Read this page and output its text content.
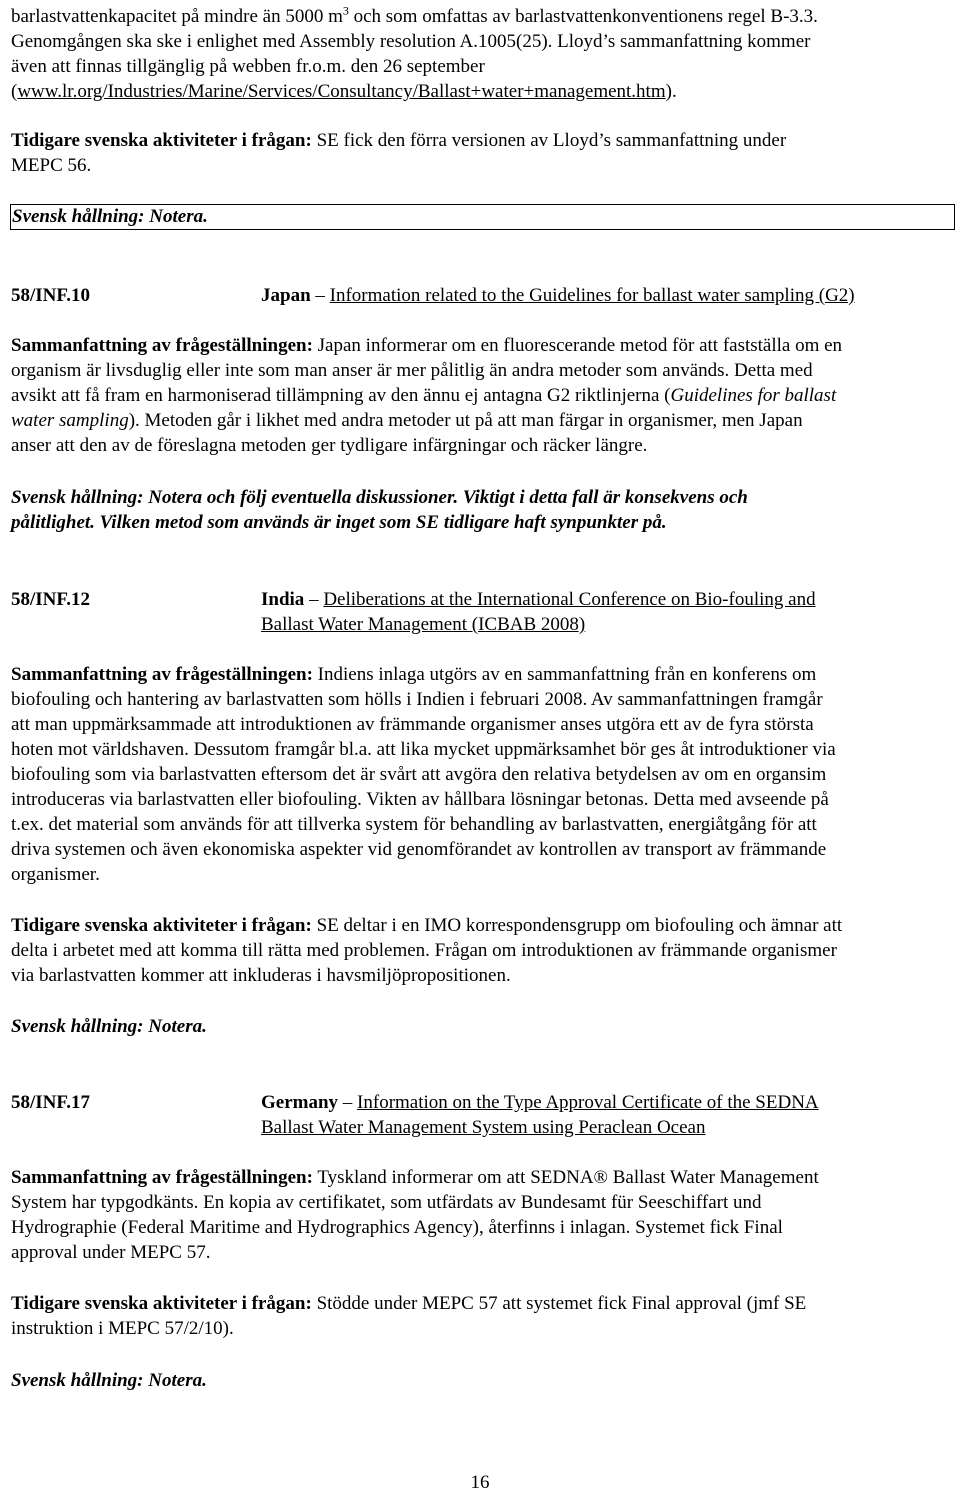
barlastvattenkapacitet på mindre än 5000 $m^3$ och som omfattas av barlastvattenkonventionens regel B-3.3.
Genomgången ska ske i enlighet med Assembly resolution A.1005(25). Lloyd’s sammanfattning kommer
även att finnas tillgänglig på webben fr.o.m. den 26 september
(www.lr.org/Industries/Marine/Services/Consultancy/Ballast+water+management.htm).
Tidigare svenska aktiviteter i frågan: SE fick den förra versionen av Lloyd’s sammanfattning under
MEPC 56.
Svensk hållning: Notera.
58/INF.10	Japan – Information related to the Guidelines for ballast water sampling (G2)
Sammanfattning av frågeställningen: Japan informerar om en fluorescerande metod för att fastställa om en
organism är livsduglig eller inte som man anser är mer pålitlig än andra metoder som används. Detta med
avsikt att få fram en harmoniserad tillämpning av den ännu ej antagna G2 riktlinjerna (Guidelines for ballast
water sampling). Metoden går i likhet med andra metoder ut på att man färgar in organismer, men Japan
anser att den av de föreslagna metoden ger tydligare infärgningar och räcker längre.
Svensk hållning: Notera och följ eventuella diskussioner. Viktigt i detta fall är konsekvens och
pålitlighet. Vilken metod som används är inget som SE tidligare haft synpunkter på.
58/INF.12	India – Deliberations at the International Conference on Bio-fouling and
Ballast Water Management (ICBAB 2008)
Sammanfattning av frågeställningen: Indiens inlaga utgörs av en sammanfattning från en konferens om
biofouling och hantering av barlastvatten som hölls i Indien i februari 2008. Av sammanfattningen framgår
att man uppmärksammade att introduktionen av främmande organismer anses utgöra ett av de fyra största
hoten mot världshaven. Dessutom framgår bl.a. att lika mycket uppmärksamhet bör ges åt introduktioner via
biofouling som via barlastvatten eftersom det är svårt att avgöra den relativa betydelsen av om en organsim
introduceras via barlastvatten eller biofouling. Vikten av hållbara lösningar betonas. Detta med avseende på
t.ex. det material som används för att tillverka system för behandling av barlastvatten, energiåtgång för att
driva systemen och även ekonomiska aspekter vid genomförandet av kontrollen av transport av främmande
organismer.
Tidigare svenska aktiviteter i frågan: SE deltar i en IMO korrespondensgrupp om biofouling och ämnar att
delta i arbetet med att komma till rätta med problemen. Frågan om introduktionen av främmande organismer
via barlastvatten kommer att inkluderas i havsmiljöpropositionen.
Svensk hållning: Notera.
58/INF.17	Germany – Information on the Type Approval Certificate of the SEDNA
Ballast Water Management System using Peraclean Ocean
Sammanfattning av frågeställningen: Tyskland informerar om att SEDNA® Ballast Water Management
System har typgodkänts. En kopia av certifikatet, som utfärdats av Bundesamt für Seeschiffart und
Hydrographie (Federal Maritime and Hydrographics Agency), återfinns i inlagan. Systemet fick Final
approval under MEPC 57.
Tidigare svenska aktiviteter i frågan: Stödde under MEPC 57 att systemet fick Final approval (jmf SE
instruktion i MEPC 57/2/10).
Svensk hållning: Notera.
16
